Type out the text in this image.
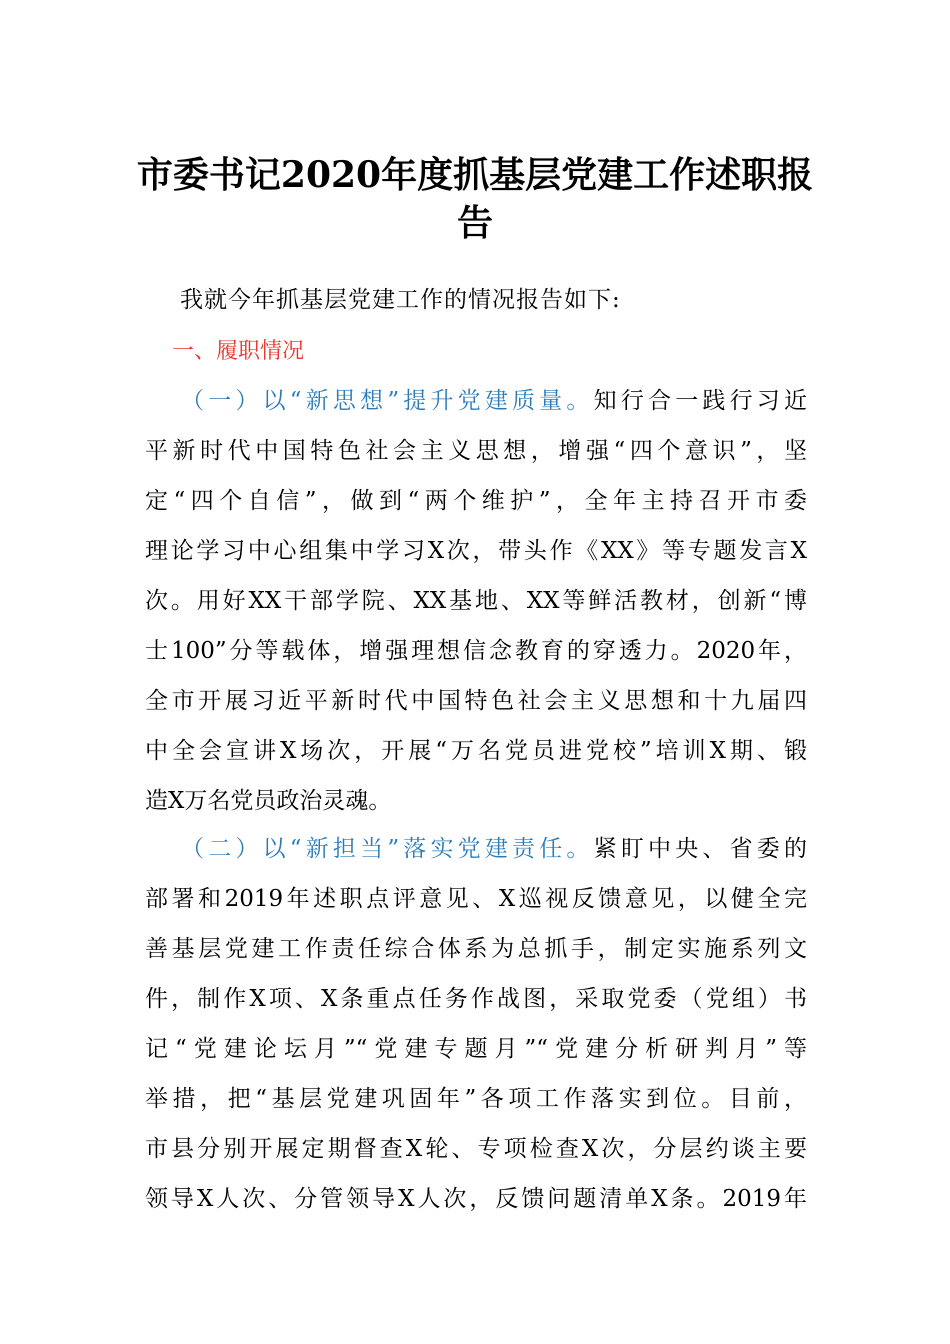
市委书记2020年度抓基层党建工作述职报
告
我就今年抓基层党建工作的情况报告如下:
一、履职情况
（一）以“新思想”提升党建质量。知行合一践行习近
平新时代中国特色社会主义思想，增强“四个意识”，坚
定“四个自信”，做到“两个维护”，全年主持召开市委
理论学习中心组集中学习X次，带头作《XX》等专题发言X
次。用好XX干部学院、XX基地、XX等鲜活教材，创新“博
士100”分等载体，增强理想信念教育的穿透力。2020年，
全市开展习近平新时代中国特色社会主义思想和十九届四
中全会宣讲X场次，开展“万名党员进党校”培训X期、锻
造X万名党员政治灵魂。
（二）以“新担当”落实党建责任。紧盯中央、省委的
部署和2019年述职点评意见、X巡视反馈意见，以健全完
善基层党建工作责任综合体系为总抓手，制定实施系列文
件，制作X项、X条重点任务作战图，采取党委（党组）书
记“党建论坛月”“党建专题月”“党建分析研判月”等
举措，把“基层党建巩固年”各项工作落实到位。目前，
市县分别开展定期督查X轮、专项检查X次，分层约谈主要
领导X人次、分管领导X人次，反馈问题清单X条。2019年
